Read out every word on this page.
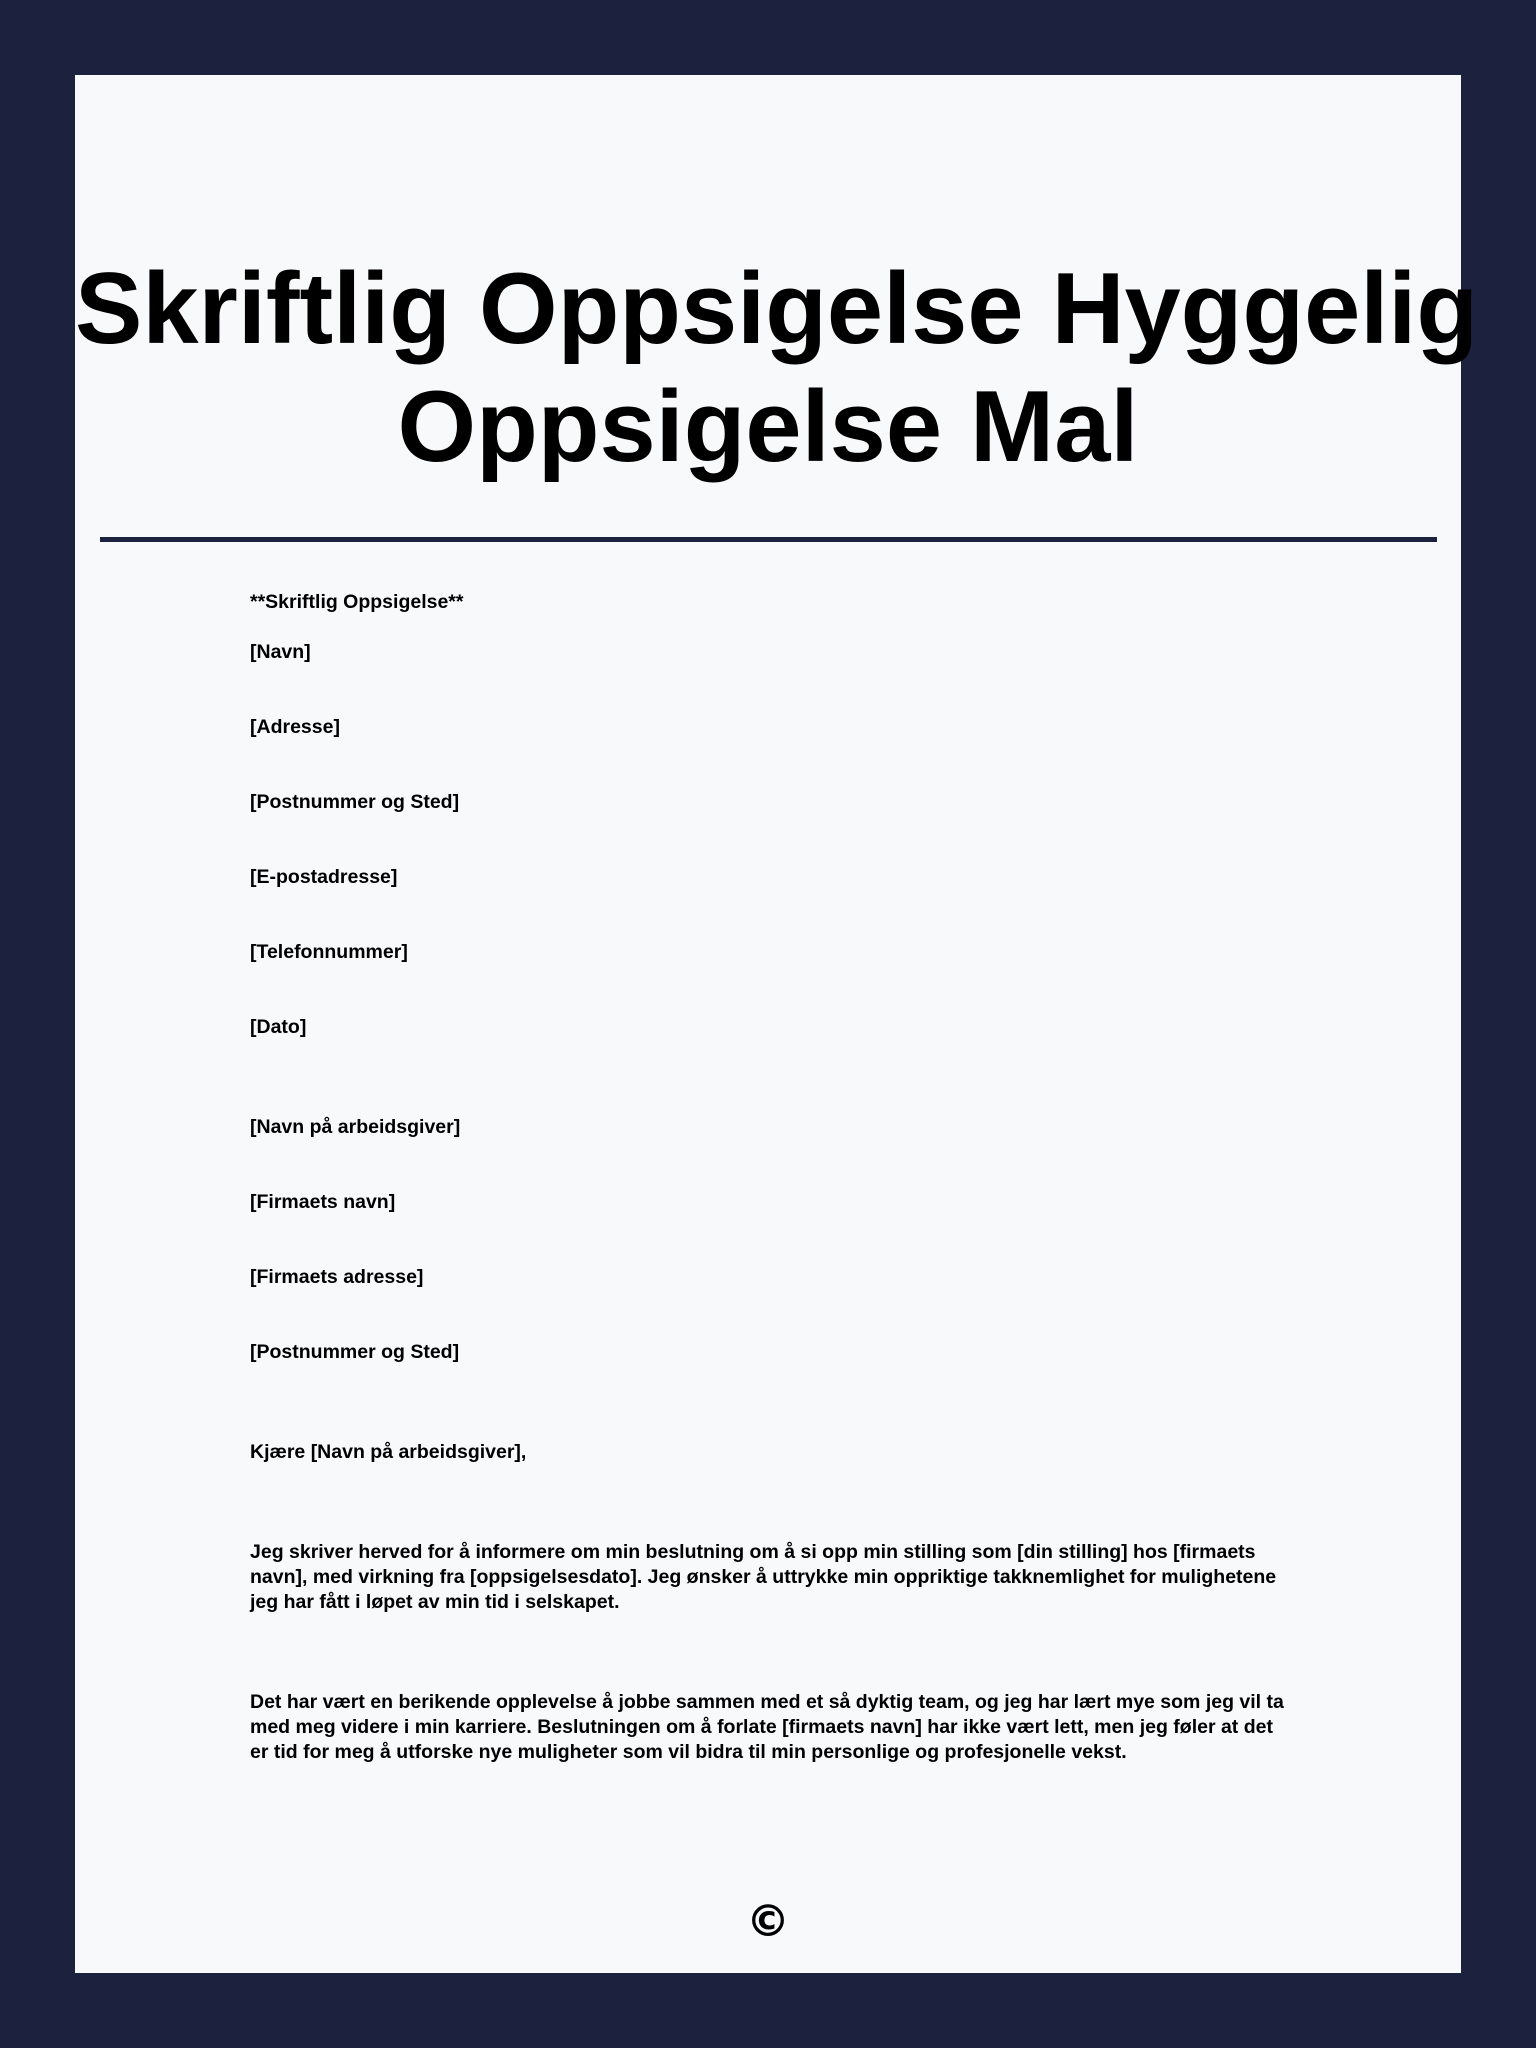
Skriftlig Oppsigelse Hyggelig
Oppsigelse Mal
**Skriftlig Oppsigelse**
[Navn]
[Adresse]
[Postnummer og Sted]
[E-postadresse]
[Telefonnummer]
[Dato]
[Navn på arbeidsgiver]
[Firmaets navn]
[Firmaets adresse]
[Postnummer og Sted]
Kjære [Navn på arbeidsgiver],
Jeg skriver herved for å informere om min beslutning om å si opp min stilling som [din stilling] hos [firmaets navn], med virkning fra [oppsigelsesdato]. Jeg ønsker å uttrykke min oppriktige takknemlighet for mulighetene jeg har fått i løpet av min tid i selskapet.
Det har vært en berikende opplevelse å jobbe sammen med et så dyktig team, og jeg har lært mye som jeg vil ta med meg videre i min karriere. Beslutningen om å forlate [firmaets navn] har ikke vært lett, men jeg føler at det er tid for meg å utforske nye muligheter som vil bidra til min personlige og profesjonelle vekst.
©
